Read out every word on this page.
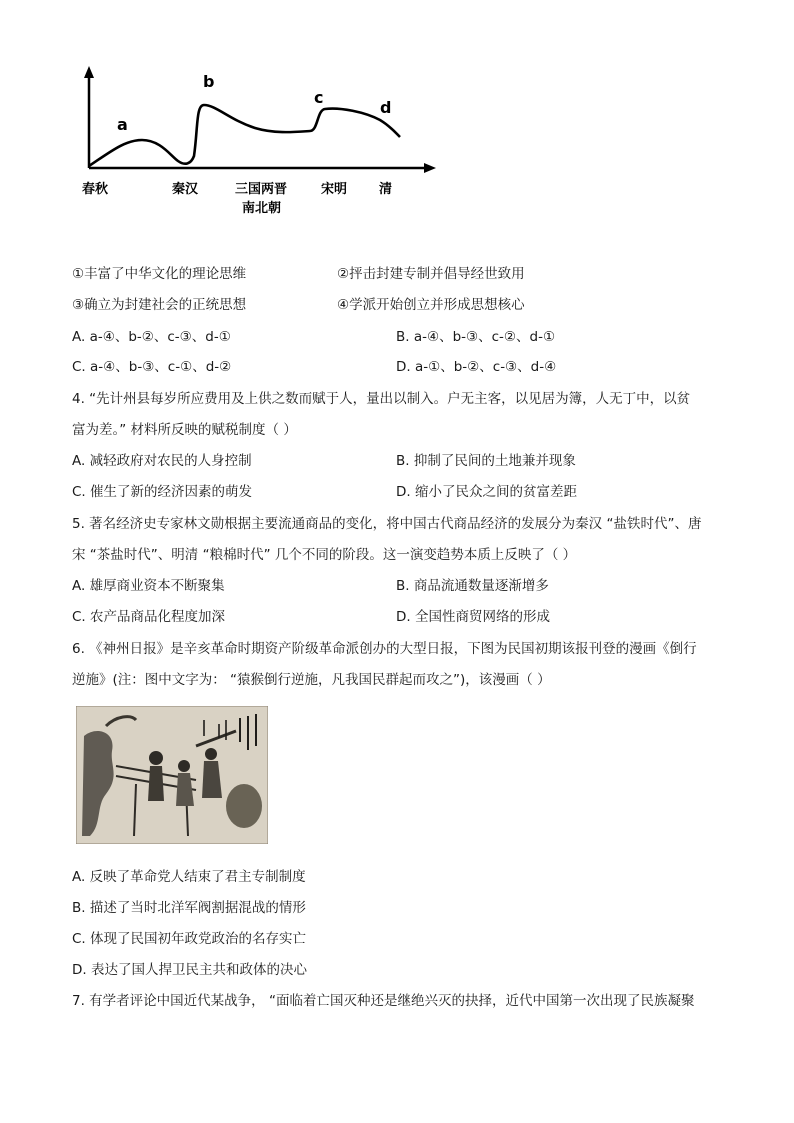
a
b
c
d
春秋	秦汉	三国两晋
南北朝
宋明 清
①丰富了中华文化的理论思维	②抨击封建专制并倡导经世致用
③确立为封建社会的正统思想	④学派开始创立并形成思想核心
A. a-④、b-②、c-③、d-①	B. a-④、b-③、c-②、d-①
C. a-④、b-③、c-①、d-②	D. a-①、b-②、c-③、d-④
4. “先计州县每岁所应费用及上供之数而赋于人，量出以制入。户无主客，以见居为簿，人无丁中，以贫
富为差。” 材料所反映的赋税制度（ ）
A. 减轻政府对农民的人身控制	B. 抑制了民间的土地兼并现象
C. 催生了新的经济因素的萌发	D. 缩小了民众之间的贫富差距
5. 著名经济史专家林文勋根据主要流通商品的变化，将中国古代商品经济的发展分为秦汉 “盐铁时代”、唐
宋 “茶盐时代”、明清 “粮棉时代” 几个不同的阶段。这一演变趋势本质上反映了（ ）
A. 雄厚商业资本不断聚集	B. 商品流通数量逐渐增多
C. 农产品商品化程度加深	D. 全国性商贸网络的形成
6. 《神州日报》是辛亥革命时期资产阶级革命派创办的大型日报，下图为民国初期该报刊登的漫画《倒行
逆施》(注：图中文字为： “猿猴倒行逆施，凡我国民群起而攻之”)，该漫画（ ）
A. 反映了革命党人结束了君主专制制度
B. 描述了当时北洋军阀割据混战的情形
C. 体现了民国初年政党政治的名存实亡
D. 表达了国人捍卫民主共和政体的决心
7. 有学者评论中国近代某战争， “面临着亡国灭种还是继绝兴灭的抉择，近代中国第一次出现了民族凝聚
